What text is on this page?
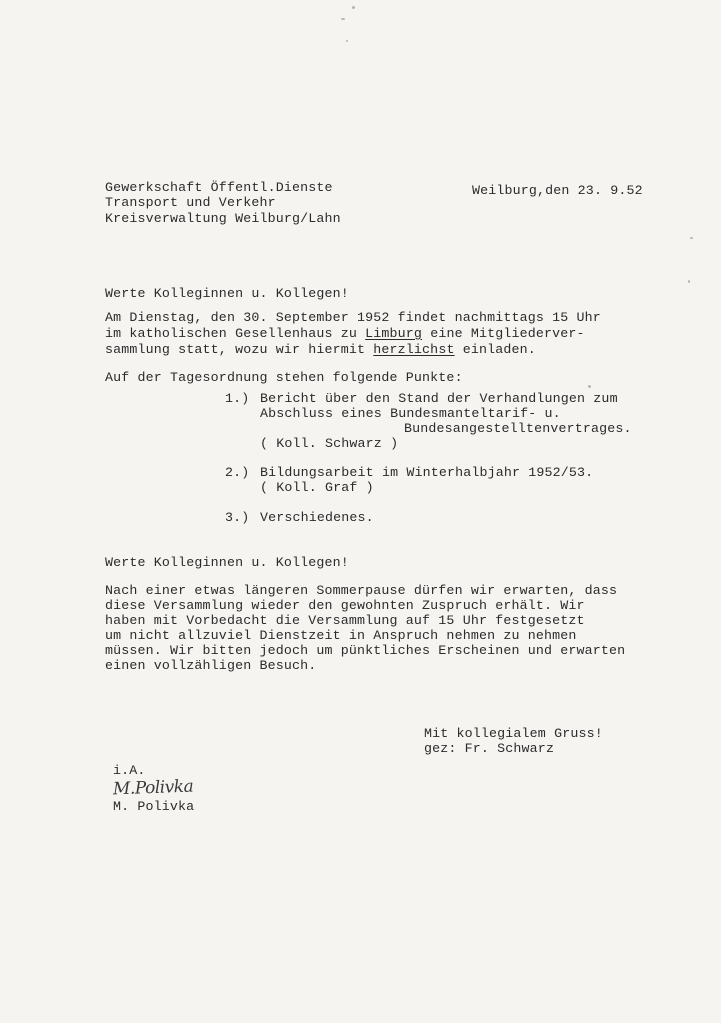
Gewerkschaft Öffentl.Dienste
Transport und Verkehr
Kreisverwaltung Weilburg/Lahn
Weilburg,den 23. 9.52
Werte Kolleginnen u. Kollegen!
Am Dienstag, den 30. September 1952 findet nachmittags 15 Uhr
im katholischen Gesellenhaus zu Limburg eine Mitgliederver-
sammlung statt, wozu wir hiermit herzlichst einladen.
Auf der Tagesordnung stehen folgende Punkte:
1.) Bericht über den Stand der Verhandlungen zum
Abschluss eines Bundesmanteltarif- u.
Bundesangestelltenvertrages.
( Koll. Schwarz )
2.) Bildungsarbeit im Winterhalbjahr 1952/53.
( Koll. Graf )
3.) Verschiedenes.
Werte Kolleginnen u. Kollegen!
Nach einer etwas längeren Sommerpause dürfen wir erwarten, dass
diese Versammlung wieder den gewohnten Zuspruch erhält. Wir
haben mit Vorbedacht die Versammlung auf 15 Uhr festgesetzt
um nicht allzuviel Dienstzeit in Anspruch nehmen zu nehmen
müssen. Wir bitten jedoch um pünktliches Erscheinen und erwarten
einen vollzähligen Besuch.
Mit kollegialem Gruss!
gez: Fr. Schwarz
i.A.
M.Polivka
M. Polivka
